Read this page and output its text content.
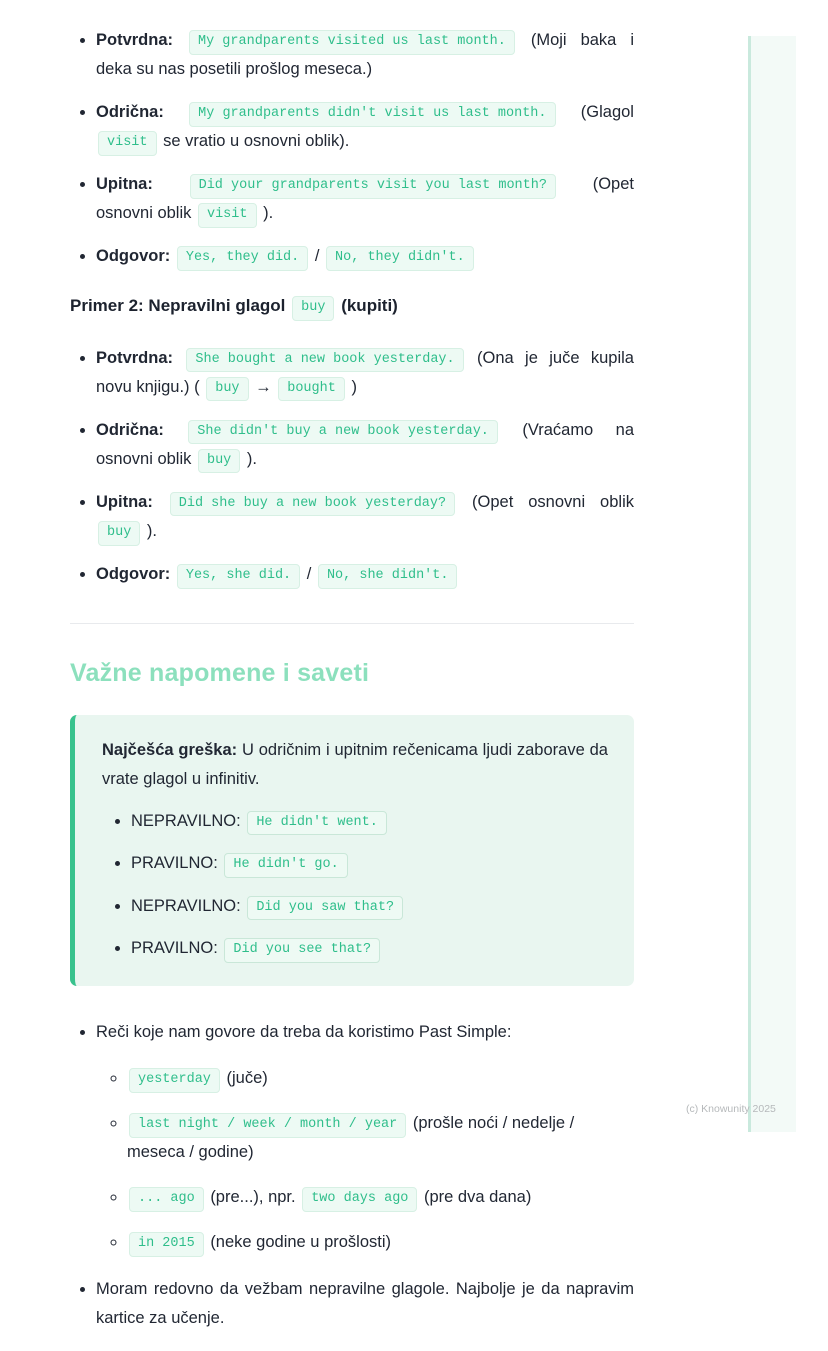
• Potvrdna: My grandparents visited us last month. (Moji baka i deka su nas posetili prošlog meseca.)
• Odrična:	My grandparents didn't visit us last month. (Glagol visit se vratio u osnovni oblik).
• Upitna:	Did your grandparents visit you last month?	(Opet osnovni oblik visit ).
• Odgovor: Yes, they did. / No, they didn't.
Primer 2: Nepravilni glagol buy (kupiti)
• Potvrdna: She bought a new book yesterday. (Ona je juče kupila novu knjigu.) ( buy → bought )
• Odrična: She didn't buy a new book yesterday. (Vraćamo na osnovni oblik buy ).
• Upitna: Did she buy a new book yesterday? (Opet osnovni oblik buy ).
• Odgovor: Yes, she did. / No, she didn't.
Važne napomene i saveti

Najčešća greška: U odričnim i upitnim rečenicama ljudi zaborave da vrate glagol u infinitiv.

• NEPRAVILNO: He didn't went.
• PRAVILNO: He didn't go.
• NEPRAVILNO: Did you saw that?
• PRAVILNO: Did you see that?
• Reči koje nam govore da treba da koristimo Past Simple:
◦ yesterday (juče)
◦ last night / week / month / year (prošle noći / nedelje / meseca / godine)
◦ ... ago (pre...), npr. two days ago (pre dva dana)
◦ in 2015 (neke godine u prošlosti)
• Moram redovno da vežbam nepravilne glagole. Najbolje je da napravim kartice za učenje.
(c) Knowunity 2025
